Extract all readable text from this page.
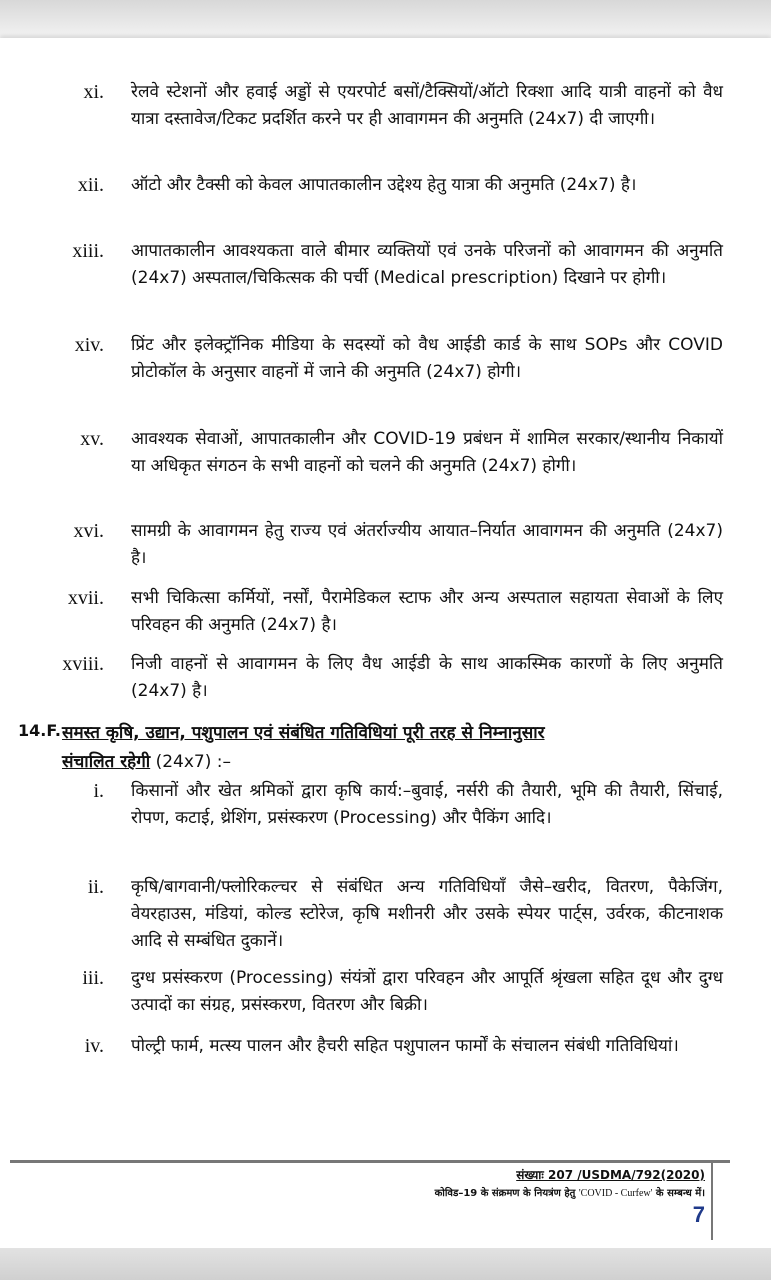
xi. रेलवे स्टेशनों और हवाई अड्डों से एयरपोर्ट बसों/टैक्सियों/ऑटो रिक्शा आदि यात्री वाहनों को वैध यात्रा दस्तावेज/टिकट प्रदर्शित करने पर ही आवागमन की अनुमति (24x7) दी जाएगी।
xii. ऑटो और टैक्सी को केवल आपातकालीन उद्देश्य हेतु यात्रा की अनुमति (24x7) है।
xiii. आपातकालीन आवश्यकता वाले बीमार व्यक्तियों एवं उनके परिजनों को आवागमन की अनुमति (24x7) अस्पताल/चिकित्सक की पर्ची (Medical prescription) दिखाने पर होगी।
xiv. प्रिंट और इलेक्ट्रॉनिक मीडिया के सदस्यों को वैध आईडी कार्ड के साथ SOPs और COVID प्रोटोकॉल के अनुसार वाहनों में जाने की अनुमति (24x7) होगी।
xv. आवश्यक सेवाओं, आपातकालीन और COVID-19 प्रबंधन में शामिल सरकार/स्थानीय निकायों या अधिकृत संगठन के सभी वाहनों को चलने की अनुमति (24x7) होगी।
xvi. सामग्री के आवागमन हेतु राज्य एवं अंतर्राज्यीय आयात–निर्यात आवागमन की अनुमति (24x7) है।
xvii. सभी चिकित्सा कर्मियों, नर्सों, पैरामेडिकल स्टाफ और अन्य अस्पताल सहायता सेवाओं के लिए परिवहन की अनुमति (24x7) है।
xviii. निजी वाहनों से आवागमन के लिए वैध आईडी के साथ आकस्मिक कारणों के लिए अनुमति (24x7) है।
14.F. समस्त कृषि, उद्यान, पशुपालन एवं संबंधित गतिविधियां पूरी तरह से निम्नानुसार
संचालित रहेगी (24x7) :–
i. किसानों और खेत श्रमिकों द्वारा कृषि कार्य:–बुवाई, नर्सरी की तैयारी, भूमि की तैयारी, सिंचाई, रोपण, कटाई, थ्रेशिंग, प्रसंस्करण (Processing) और पैकिंग आदि।
ii. कृषि/बागवानी/फ्लोरिकल्चर से संबंधित अन्य गतिविधियाँ जैसे–खरीद, वितरण, पैकेजिंग, वेयरहाउस, मंडियां, कोल्ड स्टोरेज, कृषि मशीनरी और उसके स्पेयर पार्ट्स, उर्वरक, कीटनाशक आदि से सम्बंधित दुकानें।
iii. दुग्ध प्रसंस्करण (Processing) संयंत्रों द्वारा परिवहन और आपूर्ति श्रृंखला सहित दूध और दुग्ध उत्पादों का संग्रह, प्रसंस्करण, वितरण और बिक्री।
iv. पोल्ट्री फार्म, मत्स्य पालन और हैचरी सहित पशुपालन फार्मों के संचालन संबंधी गतिविधियां।
संख्याः 207 /USDMA/792(2020)
कोविड–19 के संक्रमण के नियत्रंण हेतु 'COVID - Curfew' के सम्बन्ध में।
7
